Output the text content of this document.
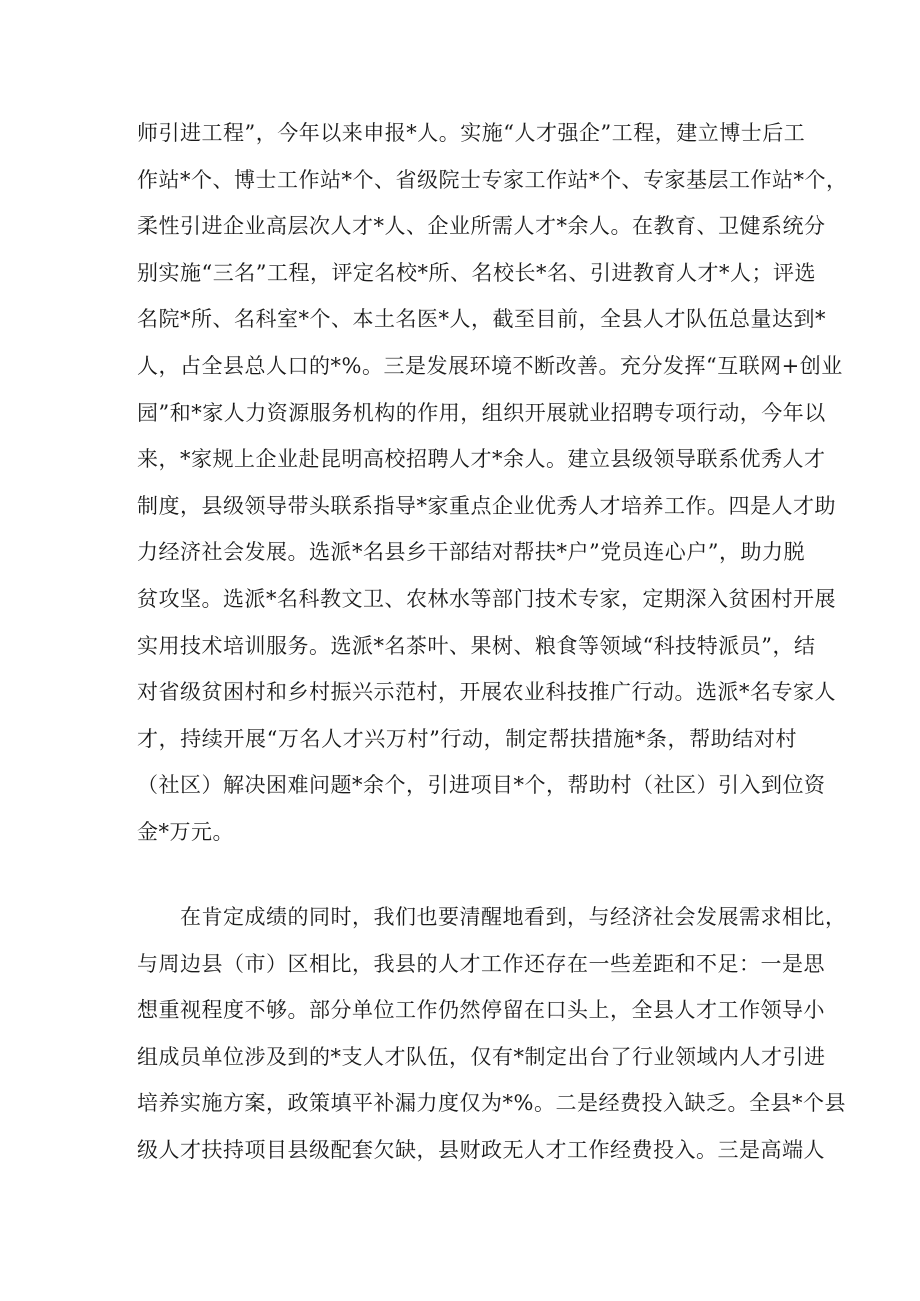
师引进工程”，今年以来申报*人。实施“人才强企”工程，建立博士后工
作站*个、博士工作站*个、省级院士专家工作站*个、专家基层工作站*个，
柔性引进企业高层次人才*人、企业所需人才*余人。在教育、卫健系统分
别实施“三名”工程，评定名校*所、名校长*名、引进教育人才*人；评选
名院*所、名科室*个、本土名医*人，截至目前，全县人才队伍总量达到*
人，占全县总人口的*%。三是发展环境不断改善。充分发挥“互联网+创业
园”和*家人力资源服务机构的作用，组织开展就业招聘专项行动，今年以
来，*家规上企业赴昆明高校招聘人才*余人。建立县级领导联系优秀人才
制度，县级领导带头联系指导*家重点企业优秀人才培养工作。四是人才助
力经济社会发展。选派*名县乡干部结对帮扶*户”党员连心户”，助力脱
贫攻坚。选派*名科教文卫、农林水等部门技术专家，定期深入贫困村开展
实用技术培训服务。选派*名茶叶、果树、粮食等领域“科技特派员”，结
对省级贫困村和乡村振兴示范村，开展农业科技推广行动。选派*名专家人
才，持续开展“万名人才兴万村”行动，制定帮扶措施*条，帮助结对村
（社区）解决困难问题*余个，引进项目*个，帮助村（社区）引入到位资
金*万元。
　　在肯定成绩的同时，我们也要清醒地看到，与经济社会发展需求相比，
与周边县（市）区相比，我县的人才工作还存在一些差距和不足：一是思
想重视程度不够。部分单位工作仍然停留在口头上，全县人才工作领导小
组成员单位涉及到的*支人才队伍，仅有*制定出台了行业领域内人才引进
培养实施方案，政策填平补漏力度仅为*%。二是经费投入缺乏。全县*个县
级人才扶持项目县级配套欠缺，县财政无人才工作经费投入。三是高端人
